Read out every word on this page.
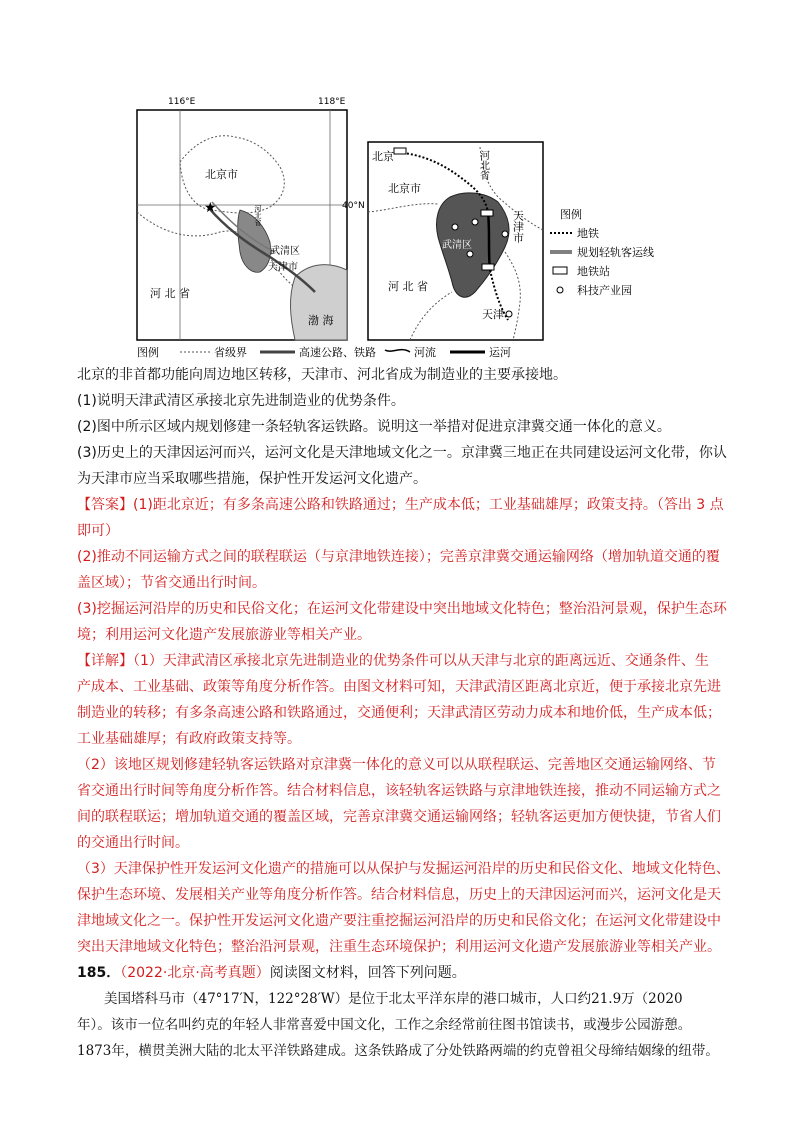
116°E	118°E
40°N
★
北京市
河北省
武清区
天津市
河 北 省
渤 海
北京
北京市
河北省
武清区
天津市
天津
河 北 省
图例
地铁
规划轻轨客运线
地铁站
科技产业园
图例	省级界	高速公路、铁路	河流	运河
北京的非首都功能向周边地区转移，天津市、河北省成为制造业的主要承接地。
(1)说明天津武清区承接北京先进制造业的优势条件。
(2)图中所示区域内规划修建一条轻轨客运铁路。说明这一举措对促进京津冀交通一体化的意义。
(3)历史上的天津因运河而兴，运河文化是天津地域文化之一。京津冀三地正在共同建设运河文化带，你认
为天津市应当采取哪些措施，保护性开发运河文化遗产。
【答案】(1)距北京近；有多条高速公路和铁路通过；生产成本低；工业基础雄厚；政策支持。（答出 3 点
即可）
(2)推动不同运输方式之间的联程联运（与京津地铁连接）；完善京津冀交通运输网络（增加轨道交通的覆
盖区域）；节省交通出行时间。
(3)挖掘运河沿岸的历史和民俗文化；在运河文化带建设中突出地域文化特色；整治沿河景观，保护生态环
境；利用运河文化遗产发展旅游业等相关产业。
【详解】（1）天津武清区承接北京先进制造业的优势条件可以从天津与北京的距离远近、交通条件、生
产成本、工业基础、政策等角度分析作答。由图文材料可知，天津武清区距离北京近，便于承接北京先进
制造业的转移；有多条高速公路和铁路通过，交通便利；天津武清区劳动力成本和地价低，生产成本低；
工业基础雄厚；有政府政策支持等。
（2）该地区规划修建轻轨客运铁路对京津冀一体化的意义可以从联程联运、完善地区交通运输网络、节
省交通出行时间等角度分析作答。结合材料信息，该轻轨客运铁路与京津地铁连接，推动不同运输方式之
间的联程联运；增加轨道交通的覆盖区域，完善京津冀交通运输网络；轻轨客运更加方便快捷，节省人们
的交通出行时间。
（3）天津保护性开发运河文化遗产的措施可以从保护与发掘运河沿岸的历史和民俗文化、地域文化特色、
保护生态环境、发展相关产业等角度分析作答。结合材料信息，历史上的天津因运河而兴，运河文化是天
津地域文化之一。保护性开发运河文化遗产要注重挖掘运河沿岸的历史和民俗文化；在运河文化带建设中
突出天津地域文化特色；整治沿河景观，注重生态环境保护；利用运河文化遗产发展旅游业等相关产业。
185．（2022·北京·高考真题）阅读图文材料，回答下列问题。
美国塔科马市（47°17′N，122°28′W）是位于北太平洋东岸的港口城市，人口约21.9万（2020
年）。该市一位名叫约克的年轻人非常喜爱中国文化，工作之余经常前往图书馆读书，或漫步公园游憩。
1873年，横贯美洲大陆的北太平洋铁路建成。这条铁路成了分处铁路两端的约克曾祖父母缔结姻缘的纽带。
